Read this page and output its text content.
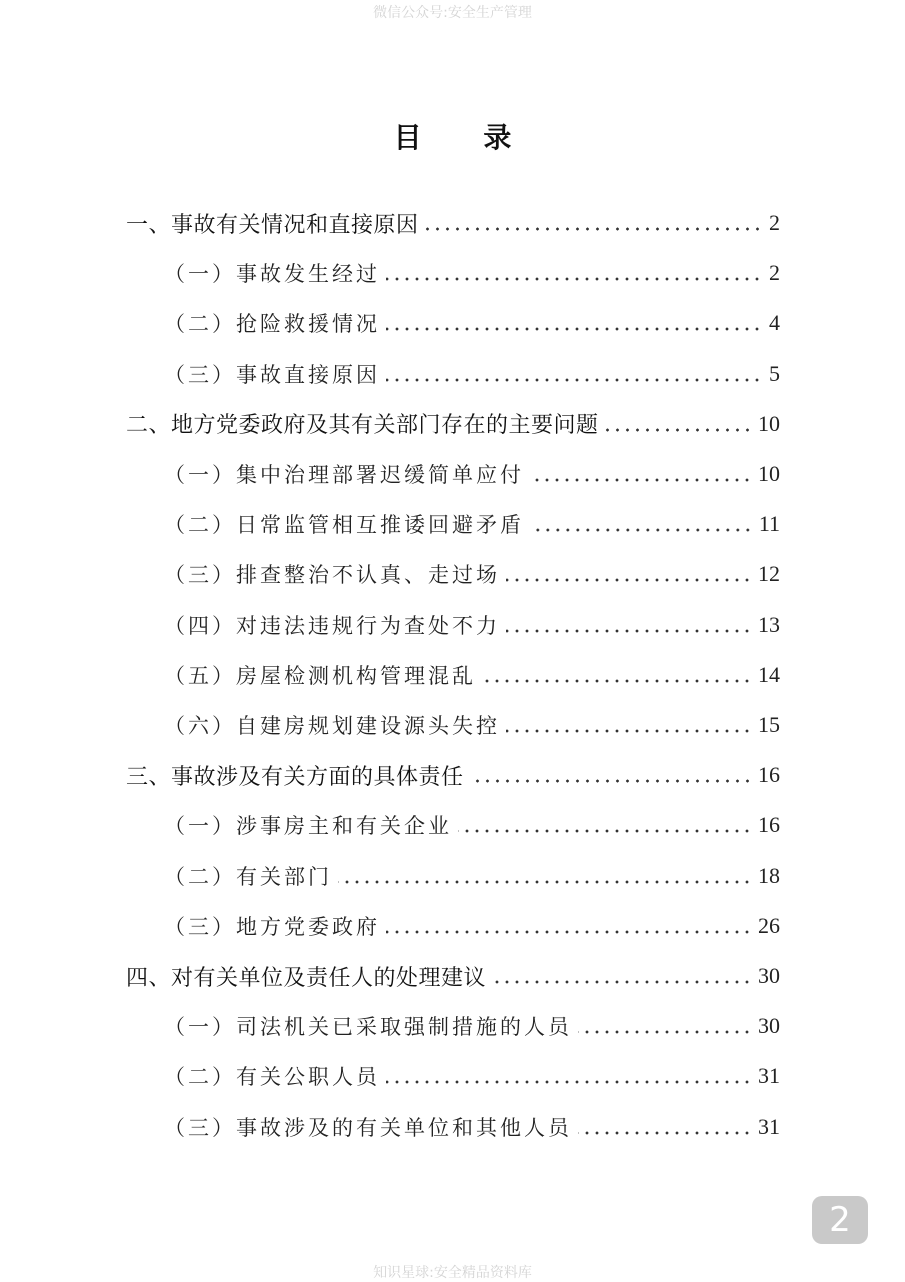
微信公众号:安全生产管理
目 录
一、事故有关情况和直接原因	2
（一）事故发生经过	2
（二）抢险救援情况	4
（三）事故直接原因	5
二、地方党委政府及其有关部门存在的主要问题	10
（一）集中治理部署迟缓简单应付	10
（二）日常监管相互推诿回避矛盾	11
（三）排查整治不认真、走过场	12
（四）对违法违规行为查处不力	13
（五）房屋检测机构管理混乱	14
（六）自建房规划建设源头失控	15
三、事故涉及有关方面的具体责任	16
（一）涉事房主和有关企业	16
（二）有关部门	18
（三）地方党委政府	26
四、对有关单位及责任人的处理建议	30
（一）司法机关已采取强制措施的人员	30
（二）有关公职人员	31
（三）事故涉及的有关单位和其他人员	31
2
知识星球:安全精品资料库
